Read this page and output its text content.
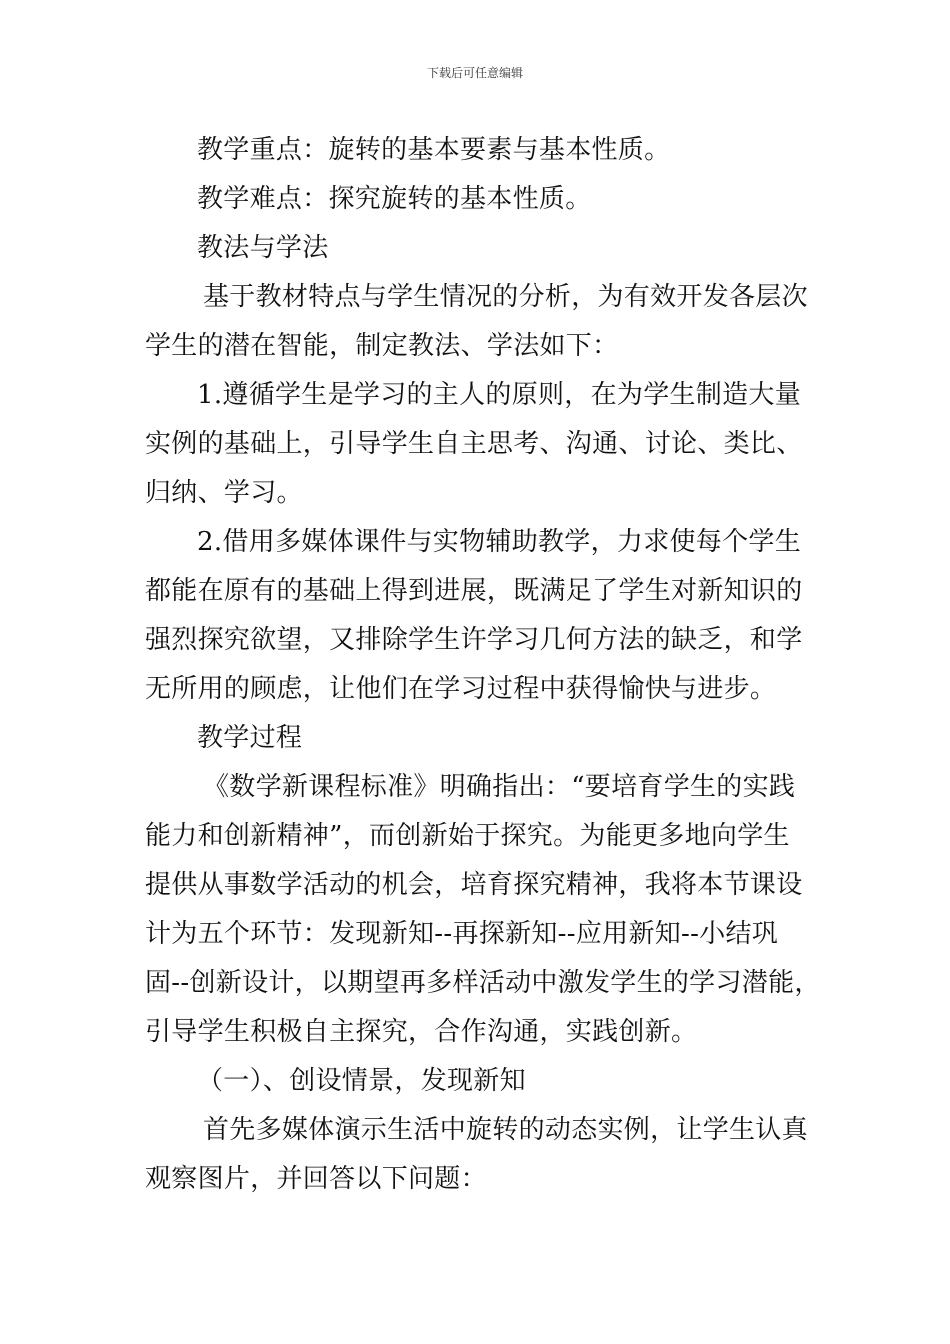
下载后可任意编辑
教学重点：旋转的基本要素与基本性质。
教学难点：探究旋转的基本性质。
教法与学法
基于教材特点与学生情况的分析，为有效开发各层次
学生的潜在智能，制定教法、学法如下：
1.遵循学生是学习的主人的原则，在为学生制造大量
实例的基础上，引导学生自主思考、沟通、讨论、类比、
归纳、学习。
2.借用多媒体课件与实物辅助教学，力求使每个学生
都能在原有的基础上得到进展，既满足了学生对新知识的
强烈探究欲望，又排除学生许学习几何方法的缺乏，和学
无所用的顾虑，让他们在学习过程中获得愉快与进步。
教学过程
《数学新课程标准》明确指出：“要培育学生的实践
能力和创新精神”，而创新始于探究。为能更多地向学生
提供从事数学活动的机会，培育探究精神，我将本节课设
计为五个环节：发现新知--再探新知--应用新知--小结巩
固--创新设计，以期望再多样活动中激发学生的学习潜能，
引导学生积极自主探究，合作沟通，实践创新。
（一）、创设情景，发现新知
首先多媒体演示生活中旋转的动态实例，让学生认真
观察图片，并回答以下问题：
